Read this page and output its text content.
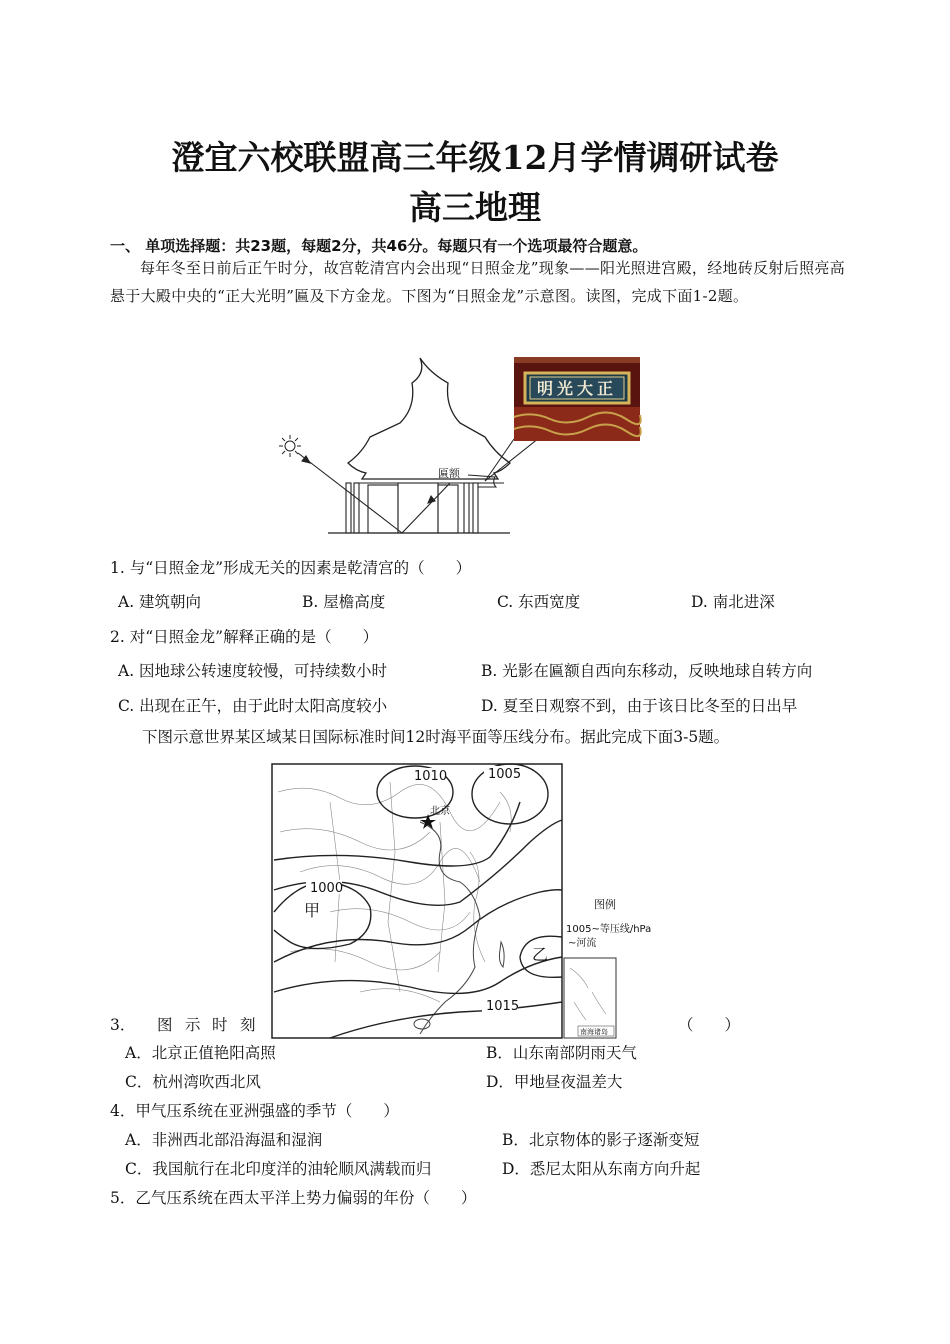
澄宜六校联盟高三年级12月学情调研试卷
高三地理
一、 单项选择题：共23题，每题2分，共46分。每题只有一个选项最符合题意。
每年冬至日前后正午时分，故宫乾清宫内会出现“日照金龙”现象——阳光照进宫殿，经地砖反射后照亮高悬于大殿中央的“正大光明”匾及下方金龙。下图为“日照金龙”示意图。读图，完成下面1-2题。
匾额
明光大正
1. 与“日照金龙”形成无关的因素是乾清宫的（　　）
A. 建筑朝向	B. 屋檐高度	C. 东西宽度	D. 南北进深
2. 对“日照金龙”解释正确的是（　　）
A. 因地球公转速度较慢，可持续数小时	B. 光影在匾额自西向东移动，反映地球自转方向
C. 出现在正午，由于此时太阳高度较小	D. 夏至日观察不到，由于该日比冬至的日出早
下图示意世界某区域某日国际标准时间12时海平面等压线分布。据此完成下面3-5题。
1010	1005
1000
1015
甲
乙
北京
图例
1005~等压线/hPa
~河流
南海诸岛
3． 图 示 时 刻	（　　）
A．北京正值艳阳高照	B．山东南部阴雨天气
C．杭州湾吹西北风	D．甲地昼夜温差大
4．甲气压系统在亚洲强盛的季节（　　）
A．非洲西北部沿海温和湿润	B．北京物体的影子逐渐变短
C．我国航行在北印度洋的油轮顺风满载而归	D．悉尼太阳从东南方向升起
5．乙气压系统在西太平洋上势力偏弱的年份（　　）
